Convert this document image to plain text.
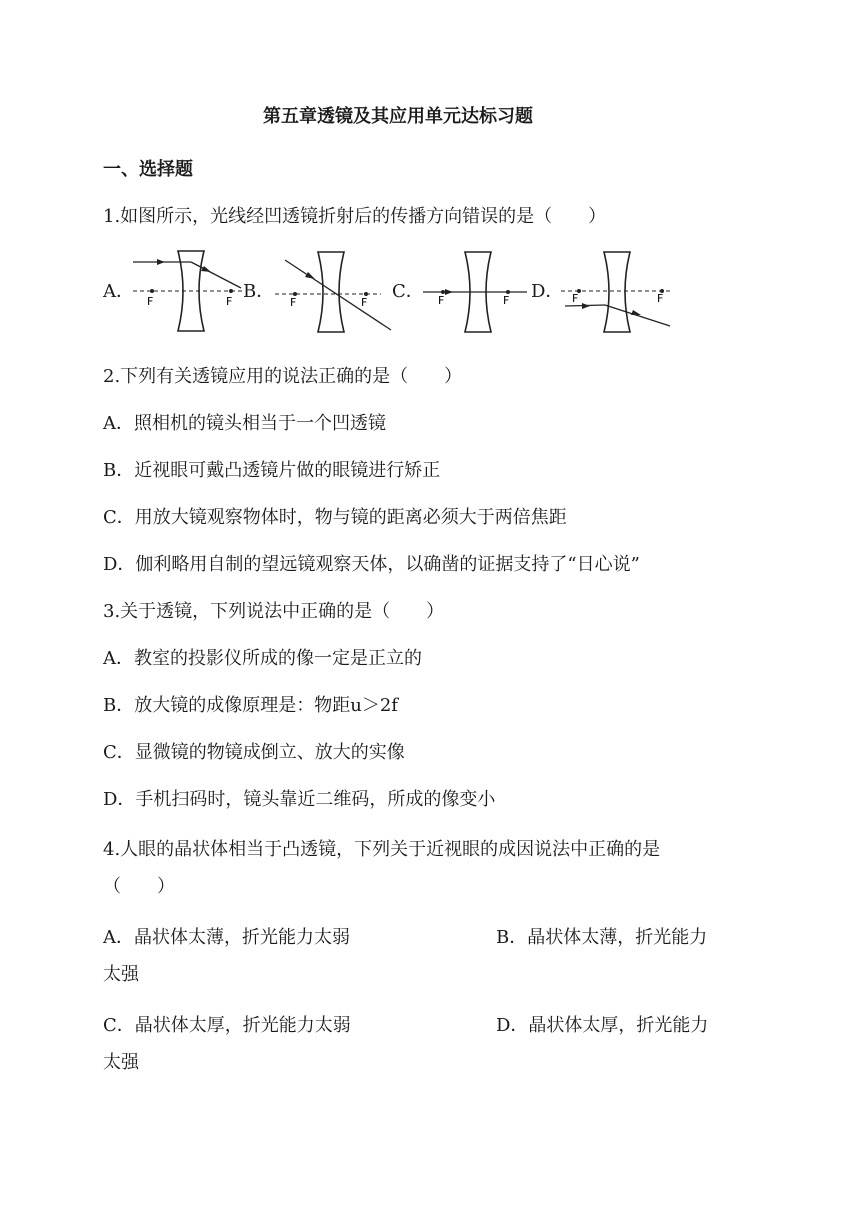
第五章透镜及其应用单元达标习题
一、选择题
1.如图所示，光线经凹透镜折射后的传播方向错误的是（　　）
A．	B．	C．	D．
F	F	F	F	F	F	F	F
2.下列有关透镜应用的说法正确的是（　　）
A．照相机的镜头相当于一个凹透镜
B．近视眼可戴凸透镜片做的眼镜进行矫正
C．用放大镜观察物体时，物与镜的距离必须大于两倍焦距
D．伽利略用自制的望远镜观察天体，以确凿的证据支持了“日心说”
3.关于透镜，下列说法中正确的是（　　）
A．教室的投影仪所成的像一定是正立的
B．放大镜的成像原理是：物距u＞2f
C．显微镜的物镜成倒立、放大的实像
D．手机扫码时，镜头靠近二维码，所成的像变小
4.人眼的晶状体相当于凸透镜，下列关于近视眼的成因说法中正确的是
（　　）
A．晶状体太薄，折光能力太弱	B．晶状体太薄，折光能力
太强
C．晶状体太厚，折光能力太弱	D．晶状体太厚，折光能力
太强
